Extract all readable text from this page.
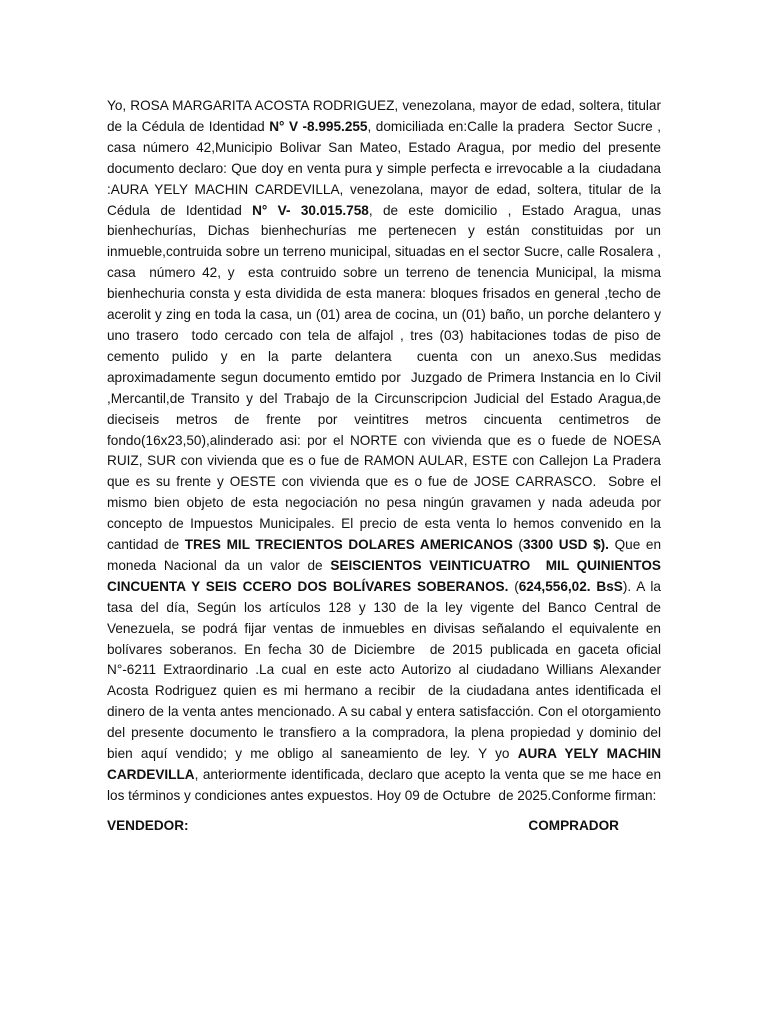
Yo, ROSA MARGARITA ACOSTA RODRIGUEZ, venezolana, mayor de edad, soltera, titular de la Cédula de Identidad N° V -8.995.255, domiciliada en:Calle la pradera  Sector Sucre , casa número 42,Municipio Bolivar San Mateo, Estado Aragua, por medio del presente documento declaro: Que doy en venta pura y simple perfecta e irrevocable a la  ciudadana :AURA YELY MACHIN CARDEVILLA, venezolana, mayor de edad, soltera, titular de la Cédula de Identidad N° V- 30.015.758, de este domicilio , Estado Aragua, unas bienhechurías, Dichas bienhechurías me pertenecen y están constituidas por un inmueble,contruida sobre un terreno municipal, situadas en el sector Sucre, calle Rosalera , casa  número 42, y  esta contruido sobre un terreno de tenencia Municipal, la misma bienhechuria consta y esta dividida de esta manera: bloques frisados en general ,techo de acerolit y zing en toda la casa, un (01) area de cocina, un (01) baño, un porche delantero y uno trasero  todo cercado con tela de alfajol , tres (03) habitaciones todas de piso de cemento pulido y en la parte delantera  cuenta con un anexo.Sus medidas aproximadamente segun documento emtido por  Juzgado de Primera Instancia en lo Civil ,Mercantil,de Transito y del Trabajo de la Circunscripcion Judicial del Estado Aragua,de dieciseis metros de frente por veintitres metros cincuenta centimetros de fondo(16x23,50),alinderado asi: por el NORTE con vivienda que es o fuede de NOESA RUIZ, SUR con vivienda que es o fue de RAMON AULAR, ESTE con Callejon La Pradera que es su frente y OESTE con vivienda que es o fue de JOSE CARRASCO.  Sobre el mismo bien objeto de esta negociación no pesa ningún gravamen y nada adeuda por concepto de Impuestos Municipales. El precio de esta venta lo hemos convenido en la cantidad de TRES MIL TRECIENTOS DOLARES AMERICANOS (3300 USD $). Que en moneda Nacional da un valor de SEISCIENTOS VEINTICUATRO  MIL QUINIENTOS CINCUENTA Y SEIS CCERO DOS BOLÍVARES SOBERANOS. (624,556,02. BsS). A la tasa del día, Según los artículos 128 y 130 de la ley vigente del Banco Central de Venezuela, se podrá fijar ventas de inmuebles en divisas señalando el equivalente en bolívares soberanos. En fecha 30 de Diciembre  de 2015 publicada en gaceta oficial N°-6211 Extraordinario .La cual en este acto Autorizo al ciudadano Willians Alexander Acosta Rodriguez quien es mi hermano a recibir  de la ciudadana antes identificada el dinero de la venta antes mencionado. A su cabal y entera satisfacción. Con el otorgamiento del presente documento le transfiero a la compradora, la plena propiedad y dominio del bien aquí vendido; y me obligo al saneamiento de ley. Y yo AURA YELY MACHIN CARDEVILLA, anteriormente identificada, declaro que acepto la venta que se me hace en los términos y condiciones antes expuestos. Hoy 09 de Octubre  de 2025.Conforme firman:

VENDEDOR:	COMPRADOR
